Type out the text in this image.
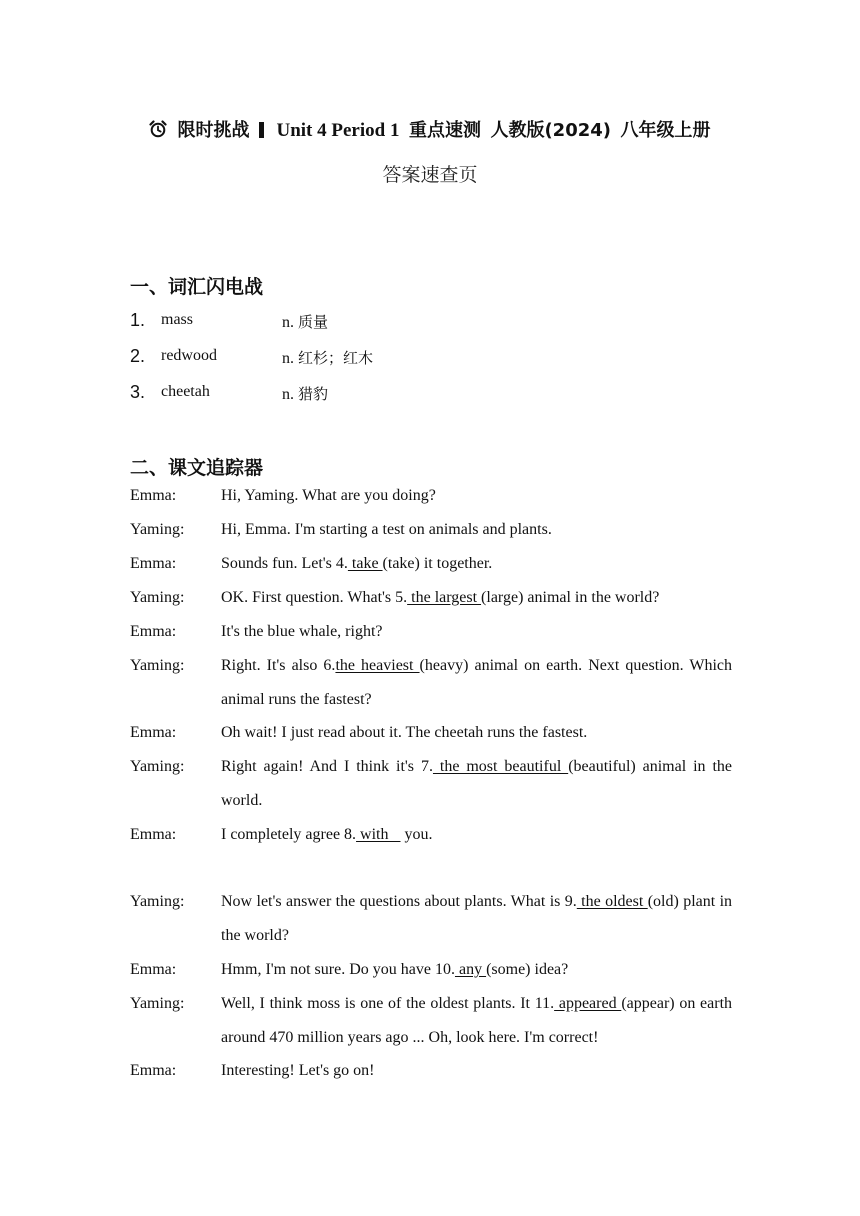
限时挑战 Unit 4 Period 1 重点速测 人教版(2024) 八年级上册
答案速查页
一、词汇闪电战
1. mass	n. 质量
2. redwood	n. 红杉；红木
3. cheetah	n. 猎豹
二、课文追踪器
Emma:	Hi, Yaming. What are you doing?
Yaming: Hi, Emma. I'm starting a test on animals and plants.
Emma:	Sounds fun. Let's 4. take (take) it together.
Yaming: OK. First question. What's 5. the largest (large) animal in the world?
Emma:	It's the blue whale, right?
Yaming: Right. It's also 6.the heaviest (heavy) animal on earth. Next question. Which animal runs the fastest?
Emma:	Oh wait! I just read about it. The cheetah runs the fastest.
Yaming: Right again! And I think it's 7. the most beautiful (beautiful) animal in the world.
Emma:	I completely agree 8. with    you.
Yaming: Now let's answer the questions about plants. What is 9. the oldest (old) plant in the world?
Emma:	Hmm, I'm not sure. Do you have 10. any (some) idea?
Yaming: Well, I think moss is one of the oldest plants. It 11. appeared (appear) on earth around 470 million years ago ... Oh, look here. I'm correct!
Emma:	Interesting! Let's go on!
